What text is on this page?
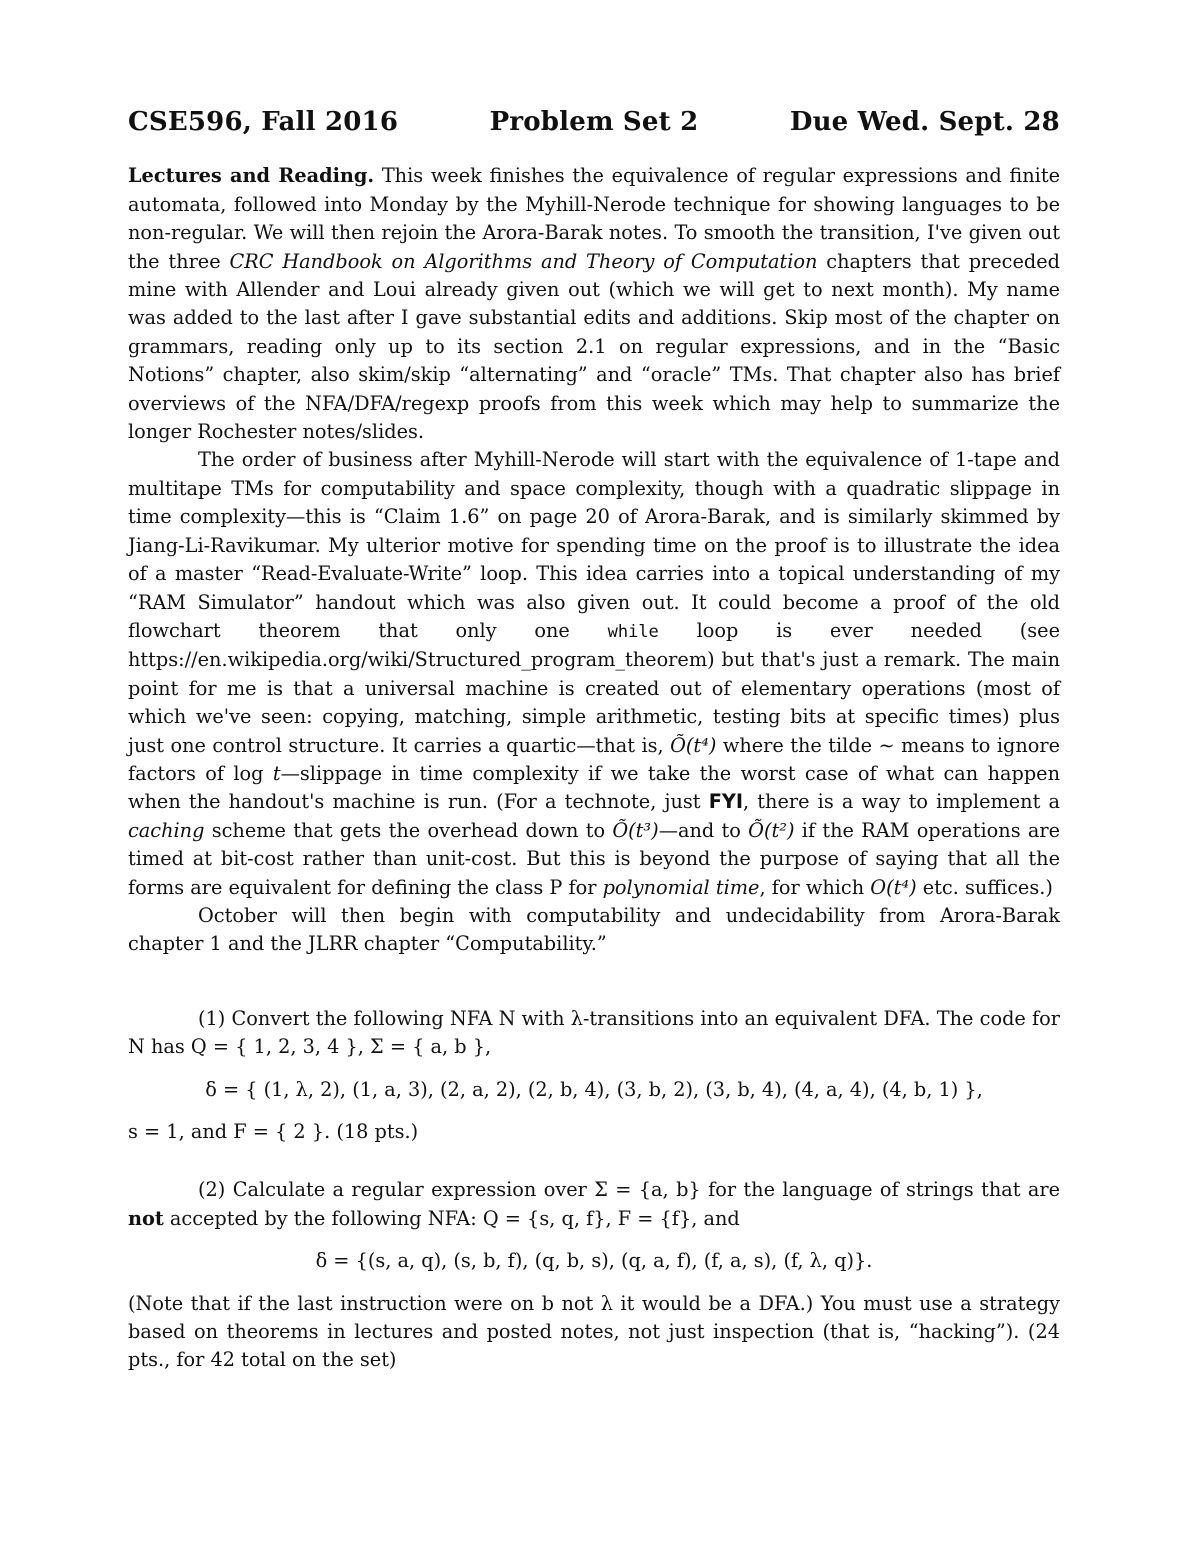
CSE596, Fall 2016	Problem Set 2	Due Wed. Sept. 28

Lectures and Reading. This week finishes the equivalence of regular expressions and finite automata, followed into Monday by the Myhill-Nerode technique for showing languages to be non-regular. We will then rejoin the Arora-Barak notes. To smooth the transition, I've given out the three CRC Handbook on Algorithms and Theory of Computation chapters that preceded mine with Allender and Loui already given out (which we will get to next month). My name was added to the last after I gave substantial edits and additions. Skip most of the chapter on grammars, reading only up to its section 2.1 on regular expressions, and in the “Basic Notions” chapter, also skim/skip “alternating” and “oracle” TMs. That chapter also has brief overviews of the NFA/DFA/regexp proofs from this week which may help to summarize the longer Rochester notes/slides.

The order of business after Myhill-Nerode will start with the equivalence of 1-tape and multitape TMs for computability and space complexity, though with a quadratic slippage in time complexity—this is “Claim 1.6” on page 20 of Arora-Barak, and is similarly skimmed by Jiang-Li-Ravikumar. My ulterior motive for spending time on the proof is to illustrate the idea of a master “Read-Evaluate-Write” loop. This idea carries into a topical understanding of my “RAM Simulator” handout which was also given out. It could become a proof of the old flowchart theorem that only one while loop is ever needed (see https://en.wikipedia.org/wiki/Structured_program_theorem) but that's just a remark. The main point for me is that a universal machine is created out of elementary operations (most of which we've seen: copying, matching, simple arithmetic, testing bits at specific times) plus just one control structure. It carries a quartic—that is, Õ(t⁴) where the tilde ∼ means to ignore factors of log t—slippage in time complexity if we take the worst case of what can happen when the handout's machine is run. (For a technote, just FYI, there is a way to implement a caching scheme that gets the overhead down to Õ(t³)—and to Õ(t²) if the RAM operations are timed at bit-cost rather than unit-cost. But this is beyond the purpose of saying that all the forms are equivalent for defining the class P for polynomial time, for which O(t⁴) etc. suffices.)

October will then begin with computability and undecidability from Arora-Barak chapter 1 and the JLRR chapter “Computability.”

(1) Convert the following NFA N with λ-transitions into an equivalent DFA. The code for N has Q = { 1, 2, 3, 4 }, Σ = { a, b },

δ = { (1, λ, 2), (1, a, 3), (2, a, 2), (2, b, 4), (3, b, 2), (3, b, 4), (4, a, 4), (4, b, 1) },

s = 1, and F = { 2 }. (18 pts.)

(2) Calculate a regular expression over Σ = {a, b} for the language of strings that are not accepted by the following NFA: Q = {s, q, f}, F = {f}, and

δ = {(s, a, q), (s, b, f), (q, b, s), (q, a, f), (f, a, s), (f, λ, q)}.

(Note that if the last instruction were on b not λ it would be a DFA.) You must use a strategy based on theorems in lectures and posted notes, not just inspection (that is, “hacking”). (24 pts., for 42 total on the set)
